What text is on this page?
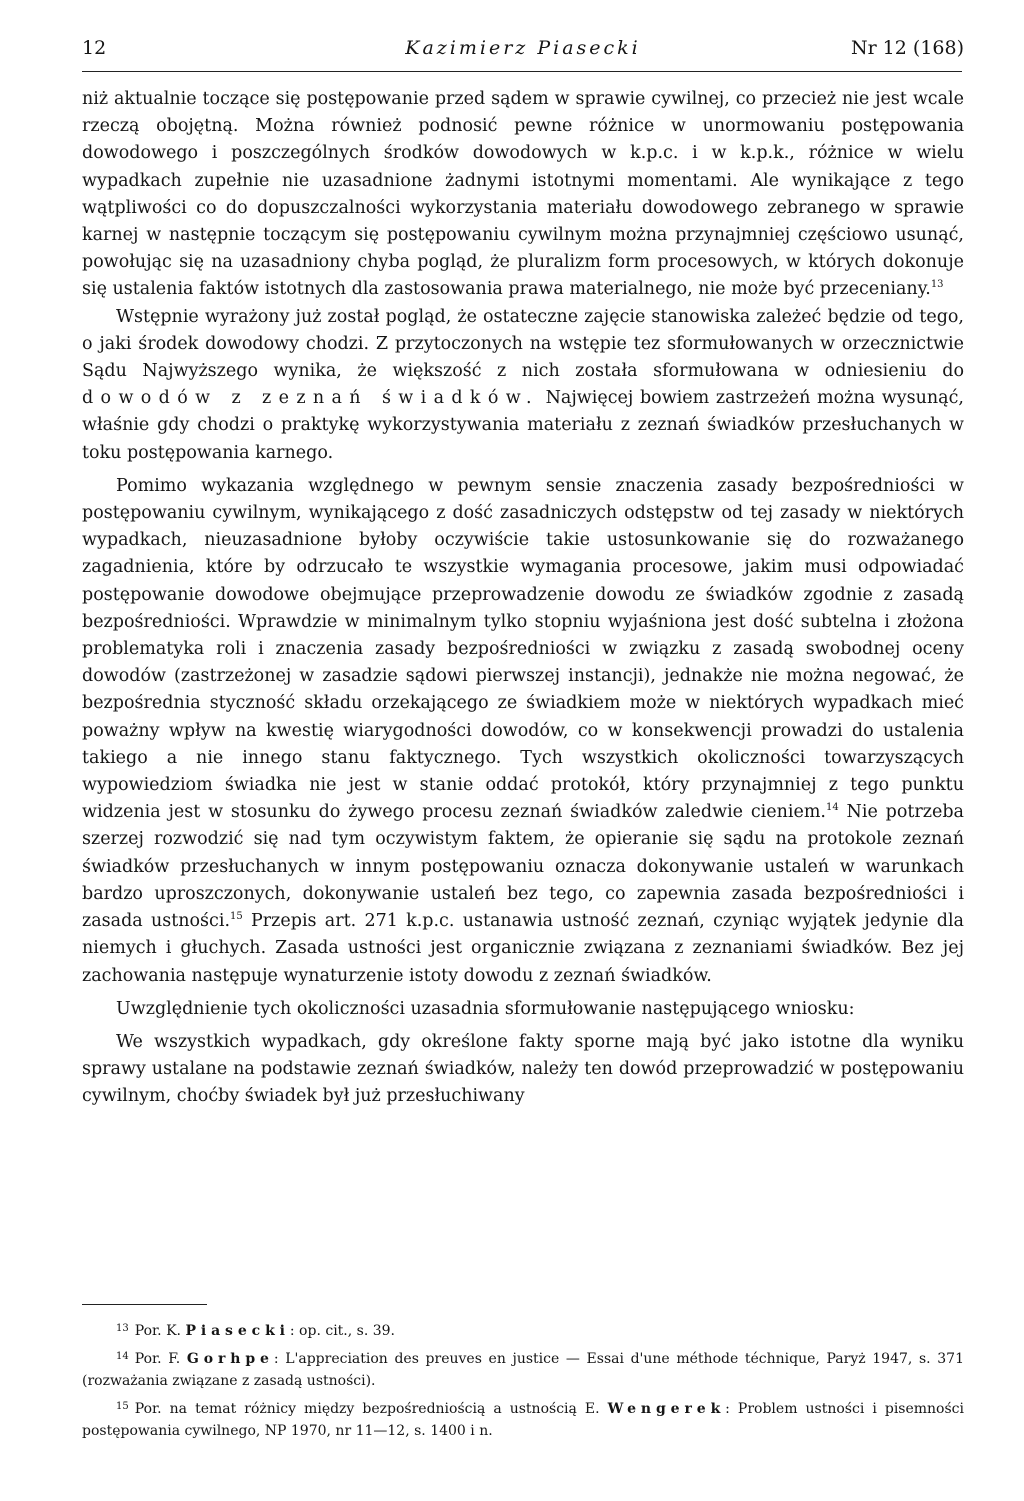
12	Kazimierz Piasecki	Nr 12 (168)

niż aktualnie toczące się postępowanie przed sądem w sprawie cywilnej, co przecież nie jest wcale rzeczą obojętną. Można również podnosić pewne różnice w unormowaniu postępowania dowodowego i poszczególnych środków dowodowych w k.p.c. i w k.p.k., różnice w wielu wypadkach zupełnie nie uzasadnione żadnymi istotnymi momentami. Ale wynikające z tego wątpliwości co do dopuszczalności wykorzystania materiału dowodowego zebranego w sprawie karnej w następnie toczącym się postępowaniu cywilnym można przynajmniej częściowo usunąć, powołując się na uzasadniony chyba pogląd, że pluralizm form procesowych, w których dokonuje się ustalenia faktów istotnych dla zastosowania prawa materialnego, nie może być przeceniany.$^{13}$

Wstępnie wyrażony już został pogląd, że ostateczne zajęcie stanowiska zależeć będzie od tego, o jaki środek dowodowy chodzi. Z przytoczonych na wstępie tez sformułowanych w orzecznictwie Sądu Najwyższego wynika, że większość z nich została sformułowana w odniesieniu do dowodów z zeznań świadków. Najwięcej bowiem zastrzeżeń można wysunąć, właśnie gdy chodzi o praktykę wykorzystywania materiału z zeznań świadków przesłuchanych w toku postępowania karnego.

Pomimo wykazania względnego w pewnym sensie znaczenia zasady bezpośredniości w postępowaniu cywilnym, wynikającego z dość zasadniczych odstępstw od tej zasady w niektórych wypadkach, nieuzasadnione byłoby oczywiście takie ustosunkowanie się do rozważanego zagadnienia, które by odrzucało te wszystkie wymagania procesowe, jakim musi odpowiadać postępowanie dowodowe obejmujące przeprowadzenie dowodu ze świadków zgodnie z zasadą bezpośredniości. Wprawdzie w minimalnym tylko stopniu wyjaśniona jest dość subtelna i złożona problematyka roli i znaczenia zasady bezpośredniości w związku z zasadą swobodnej oceny dowodów (zastrzeżonej w zasadzie sądowi pierwszej instancji), jednakże nie można negować, że bezpośrednia styczność składu orzekającego ze świadkiem może w niektórych wypadkach mieć poważny wpływ na kwestię wiarygodności dowodów, co w konsekwencji prowadzi do ustalenia takiego a nie innego stanu faktycznego. Tych wszystkich okoliczności towarzyszących wypowiedziom świadka nie jest w stanie oddać protokół, który przynajmniej z tego punktu widzenia jest w stosunku do żywego procesu zeznań świadków zaledwie cieniem.$^{14}$ Nie potrzeba szerzej rozwodzić się nad tym oczywistym faktem, że opieranie się sądu na protokole zeznań świadków przesłuchanych w innym postępowaniu oznacza dokonywanie ustaleń w warunkach bardzo uproszczonych, dokonywanie ustaleń bez tego, co zapewnia zasada bezpośredniości i zasada ustności.$^{15}$ Przepis art. 271 k.p.c. ustanawia ustność zeznań, czyniąc wyjątek jedynie dla niemych i głuchych. Zasada ustności jest organicznie związana z zeznaniami świadków. Bez jej zachowania następuje wynaturzenie istoty dowodu z zeznań świadków.

Uwzględnienie tych okoliczności uzasadnia sformułowanie następującego wniosku:

We wszystkich wypadkach, gdy określone fakty sporne mają być jako istotne dla wyniku sprawy ustalane na podstawie zeznań świadków, należy ten dowód przeprowadzić w postępowaniu cywilnym, choćby świadek był już przesłuchiwany

$^{13}$ Por. K. Piasecki: op. cit., s. 39.

$^{14}$ Por. F. Gorhpe: L'appreciation des preuves en justice — Essai d'une méthode téchnique, Paryż 1947, s. 371 (rozważania związane z zasadą ustności).

$^{15}$ Por. na temat różnicy między bezpośredniością a ustnością E. Wengerek: Problem ustności i pisemności postępowania cywilnego, NP 1970, nr 11—12, s. 1400 i n.
